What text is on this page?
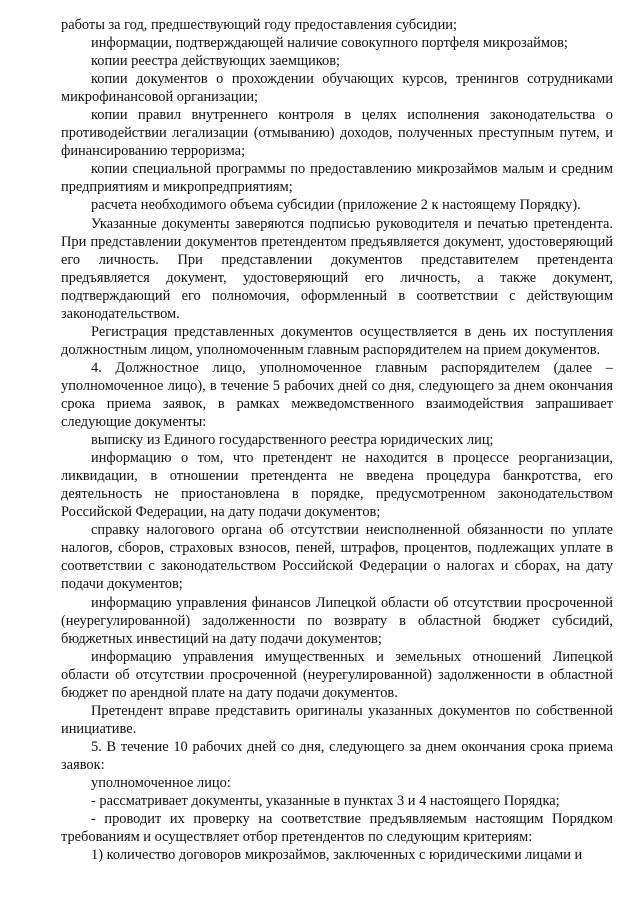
работы за год, предшествующий году предоставления субсидии;

информации, подтверждающей наличие совокупного портфеля микрозаймов;

копии реестра действующих заемщиков;

копии документов о прохождении обучающих курсов, тренингов сотрудниками микрофинансовой организации;

копии правил внутреннего контроля в целях исполнения законодательства о противодействии легализации (отмыванию) доходов, полученных преступным путем, и финансированию терроризма;

копии специальной программы по предоставлению микрозаймов малым и средним предприятиям и микропредприятиям;

расчета необходимого объема субсидии (приложение 2 к настоящему Порядку).

Указанные документы заверяются подписью руководителя и печатью претендента. При представлении документов претендентом предъявляется документ, удостоверяющий его личность. При представлении документов представителем претендента предъявляется документ, удостоверяющий его личность, а также документ, подтверждающий его полномочия, оформленный в соответствии с действующим законодательством.

Регистрация представленных документов осуществляется в день их поступления должностным лицом, уполномоченным главным распорядителем на прием документов.

4. Должностное лицо, уполномоченное главным распорядителем (далее – уполномоченное лицо), в течение 5 рабочих дней со дня, следующего за днем окончания срока приема заявок, в рамках межведомственного взаимодействия запрашивает следующие документы:

выписку из Единого государственного реестра юридических лиц;

информацию о том, что претендент не находится в процессе реорганизации, ликвидации, в отношении претендента не введена процедура банкротства, его деятельность не приостановлена в порядке, предусмотренном законодательством Российской Федерации, на дату подачи документов;

справку налогового органа об отсутствии неисполненной обязанности по уплате налогов, сборов, страховых взносов, пеней, штрафов, процентов, подлежащих уплате в соответствии с законодательством Российской Федерации о налогах и сборах, на дату подачи документов;

информацию управления финансов Липецкой области об отсутствии просроченной (неурегулированной) задолженности по возврату в областной бюджет субсидий, бюджетных инвестиций на дату подачи документов;

информацию управления имущественных и земельных отношений Липецкой области об отсутствии просроченной (неурегулированной) задолженности в областной бюджет по арендной плате на дату подачи документов.

Претендент вправе представить оригиналы указанных документов по собственной инициативе.

5. В течение 10 рабочих дней со дня, следующего за днем окончания срока приема заявок:

уполномоченное лицо:

- рассматривает документы, указанные в пунктах 3 и 4 настоящего Порядка;

- проводит их проверку на соответствие предъявляемым настоящим Порядком требованиям и осуществляет отбор претендентов по следующим критериям:

1) количество договоров микрозаймов, заключенных с юридическими лицами и
